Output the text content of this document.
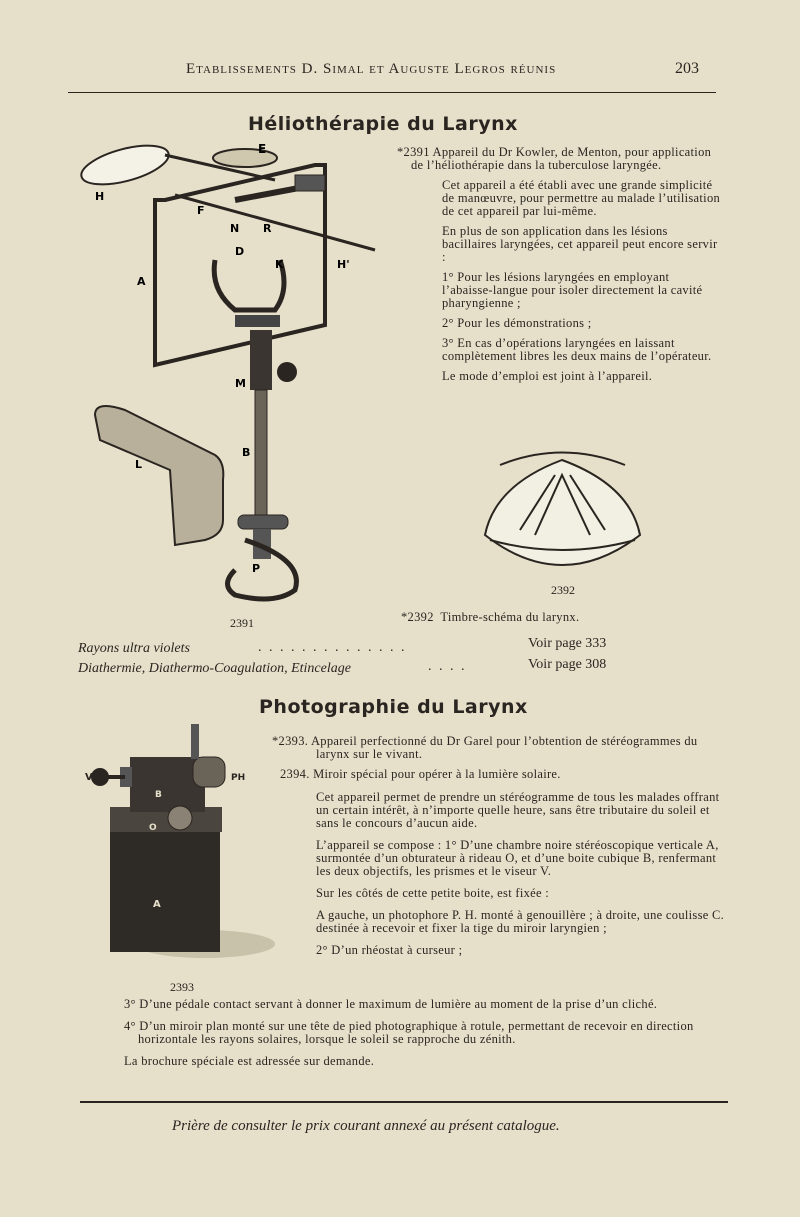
Etablissements D. Simal et Auguste Legros réunis	203
Héliothérapie du Larynx
E
H
F
N R
H'
A
D
K
M
L
B
P
2391

*2391 Appareil du Dr Kowler, de Menton, pour application de l’héliothérapie dans la tuberculose laryngée.

Cet appareil a été établi avec une grande simplicité de manœuvre, pour permettre au malade l’utilisation de cet appareil par lui-même.

En plus de son application dans les lésions bacillaires laryngées, cet appareil peut encore servir :

1° Pour les lésions laryngées en employant l’abaisse-langue pour isoler directement la cavité pharyngienne ;

2° Pour les démonstrations ;

3° En cas d’opérations laryngées en laissant complètement libres les deux mains de l’opérateur.

Le mode d’emploi est joint à l’appareil.

2392
*2392 Timbre-schéma du larynx.
Rayons ultra violets	. . . . . . . . . . . . . .	Voir page 333
Diathermie, Diathermo-Coagulation, Etincelage	. . . .	Voir page 308
Photographie du Larynx
V	PH
Z	B
O
A
2393

*2393. Appareil perfectionné du Dr Garel pour l’obtention de stéréogrammes du larynx sur le vivant.

2394. Miroir spécial pour opérer à la lumière solaire.

Cet appareil permet de prendre un stéréogramme de tous les malades offrant un certain intérêt, à n’importe quelle heure, sans être tributaire du soleil et sans le concours d’aucun aide.

L’appareil se compose : 1° D’une chambre noire stéréoscopique verticale A, surmontée d’un obturateur à rideau O, et d’une boite cubique B, renfermant les deux objectifs, les prismes et le viseur V.

Sur les côtés de cette petite boite, est fixée :

A gauche, un photophore P. H. monté à genouillère ; à droite, une coulisse C. destinée à recevoir et fixer la tige du miroir laryngien ;

2° D’un rhéostat à curseur ;

3° D’une pédale contact servant à donner le maximum de lumière au moment de la prise d’un cliché.

4° D’un miroir plan monté sur une tête de pied photographique à rotule, permettant de recevoir en direction horizontale les rayons solaires, lorsque le soleil se rapproche du zénith.

La brochure spéciale est adressée sur demande.

Prière de consulter le prix courant annexé au présent catalogue.
